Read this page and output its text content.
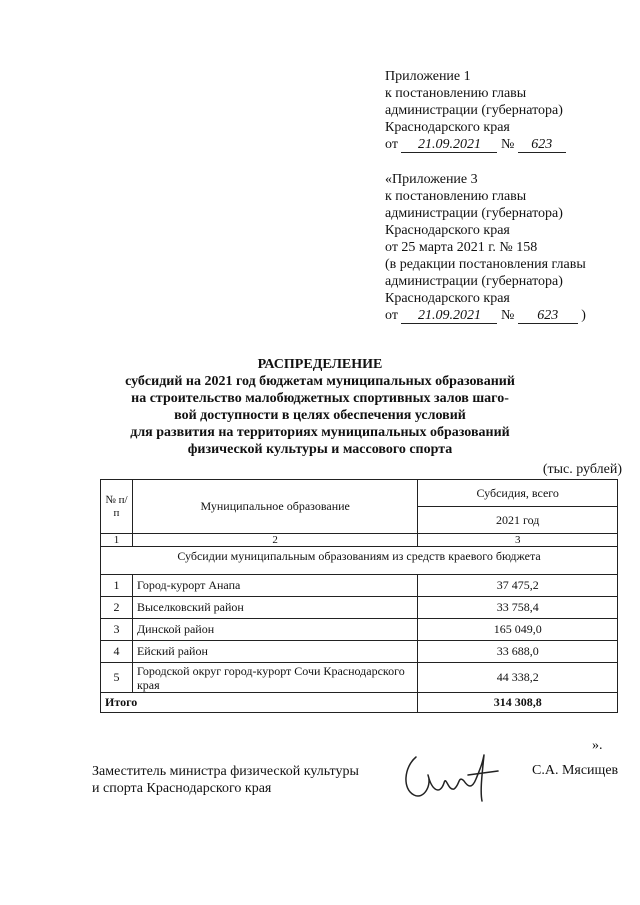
Приложение 1
к постановлению главы
администрации (губернатора)
Краснодарского края
от 21.09.2021 № 623
«Приложение 3
к постановлению главы
администрации (губернатора)
Краснодарского края
от 25 марта 2021 г. № 158
(в редакции постановления главы
администрации (губернатора)
Краснодарского края
от 21.09.2021 № 623 )
РАСПРЕДЕЛЕНИЕ
субсидий на 2021 год бюджетам муниципальных образований
на строительство малобюджетных спортивных залов шаго-
вой доступности в целях обеспечения условий
для развития на территориях муниципальных образований
физической культуры и массового спорта
(тыс. рублей)
№ п/п	Муниципальное образование	Субсидия, всего
		2021 год
1	2	3
Субсидии муниципальным образованиям из средств краевого бюджета		
1	Город-курорт Анапа	37 475,2
2	Выселковский район	33 758,4
3	Динской район	165 049,0
4	Ейский район	33 688,0
5	Городской округ город-курорт Сочи Краснодарского края	44 338,2
Итого		314 308,8
».
Заместитель министра физической культуры
и спорта Краснодарского края
С.А. Мясищев
